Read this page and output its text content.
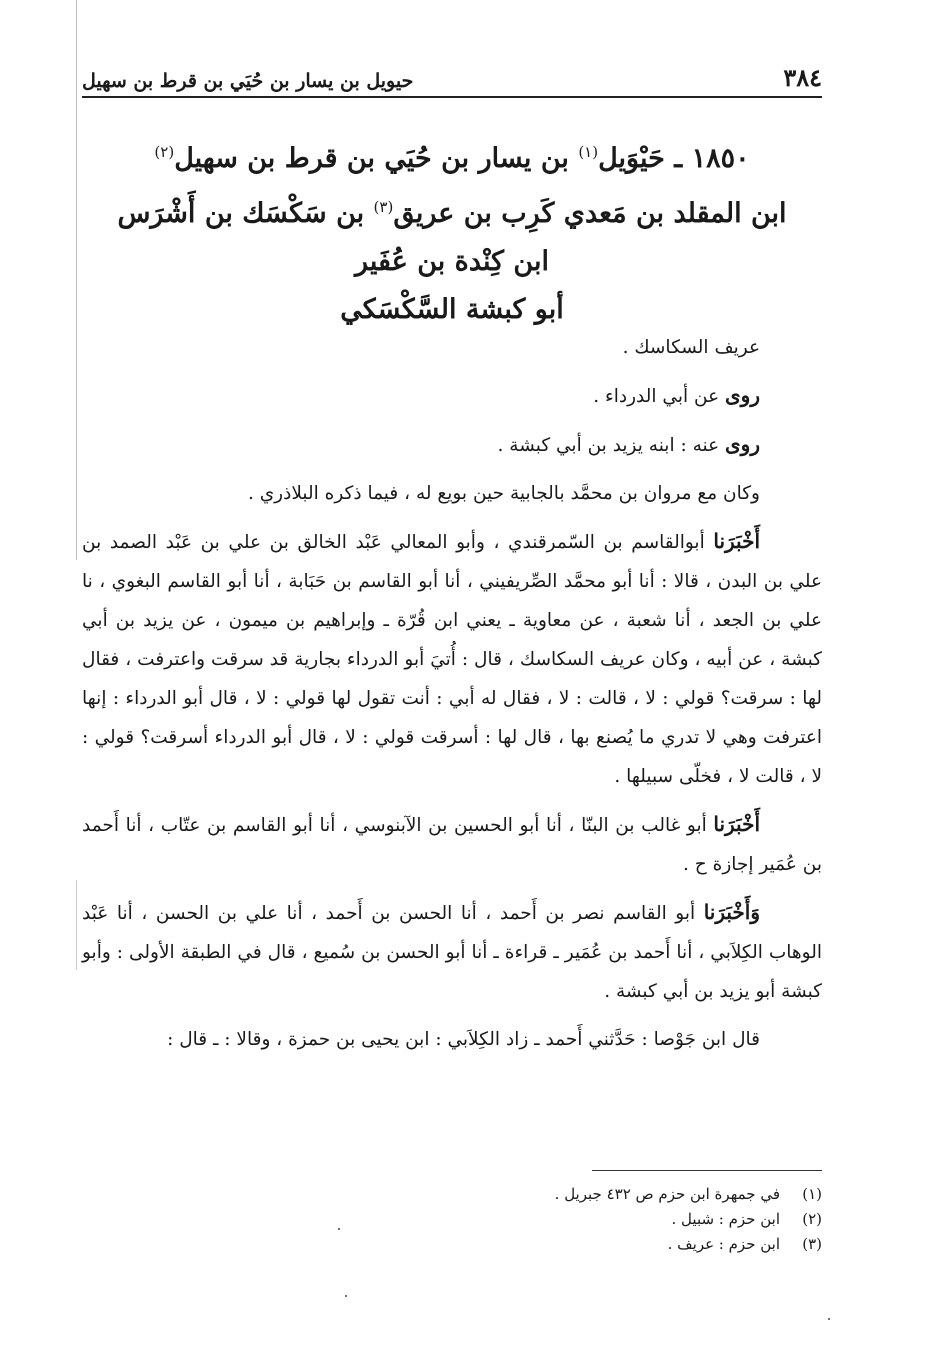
٣٨٤
حيويل بن يسار بن حُيَي بن قرط بن سهيل
١٨٥٠ ـ حَيْوَيل$^{(١)}$ بن يسار بن حُيَي بن قرط بن سهيل$^{(٢)}$
ابن المقلد بن مَعدي كَرِب بن عريق$^{(٣)}$ بن سَكْسَك بن أَشْرَس
ابن كِنْدة بن عُفَير
أبو كبشة السَّكْسَكي

عريف السكاسك .

روى عن أبي الدرداء .

روى عنه : ابنه يزيد بن أبي كبشة .

وكان مع مروان بن محمَّد بالجابية حين بويع له ، فيما ذكره البلاذري .

أَخْبَرَنا أبوالقاسم بن السّمرقندي ، وأبو المعالي عَبْد الخالق بن علي بن عَبْد الصمد بن علي بن البدن ، قالا : أنا أبو محمَّد الصِّريفيني ، أنا أبو القاسم بن حَبَابة ، أنا أبو القاسم البغوي ، نا علي بن الجعد ، أنا شعبة ، عن معاوية ـ يعني ابن قُرّة ـ وإبراهيم بن ميمون ، عن يزيد بن أبي كبشة ، عن أبيه ، وكان عريف السكاسك ، قال : أُتيَ أبو الدرداء بجارية قد سرقت واعترفت ، فقال لها : سرقت؟ قولي : لا ، قالت : لا ، فقال له أبي : أنت تقول لها قولي : لا ، قال أبو الدرداء : إنها اعترفت وهي لا تدري ما يُصنع بها ، قال لها : أسرقت قولي : لا ، قال أبو الدرداء أسرقت؟ قولي : لا ، قالت لا ، فخلّى سبيلها .

أَخْبَرَنا أبو غالب بن البنّا ، أنا أبو الحسين بن الآبنوسي ، أنا أبو القاسم بن عتّاب ، أنا أَحمد بن عُمَير إجازة ح .

وَأَخْبَرَنا أبو القاسم نصر بن أَحمد ، أنا الحسن بن أَحمد ، أنا علي بن الحسن ، أنا عَبْد الوهاب الكِلاَبي ، أنا أَحمد بن عُمَير ـ قراءة ـ أنا أبو الحسن بن سُميع ، قال في الطبقة الأولى : وأبو كبشة أبو يزيد بن أبي كبشة .

قال ابن جَوْصا : حَدَّثني أَحمد ـ زاد الكِلاَبي : ابن يحيى بن حمزة ، وقالا : ـ قال :

(١)
في جمهرة ابن حزم ص ٤٣٢ جبريل .
(٢)
ابن حزم : شبيل .
(٣)
ابن حزم : عريف .
